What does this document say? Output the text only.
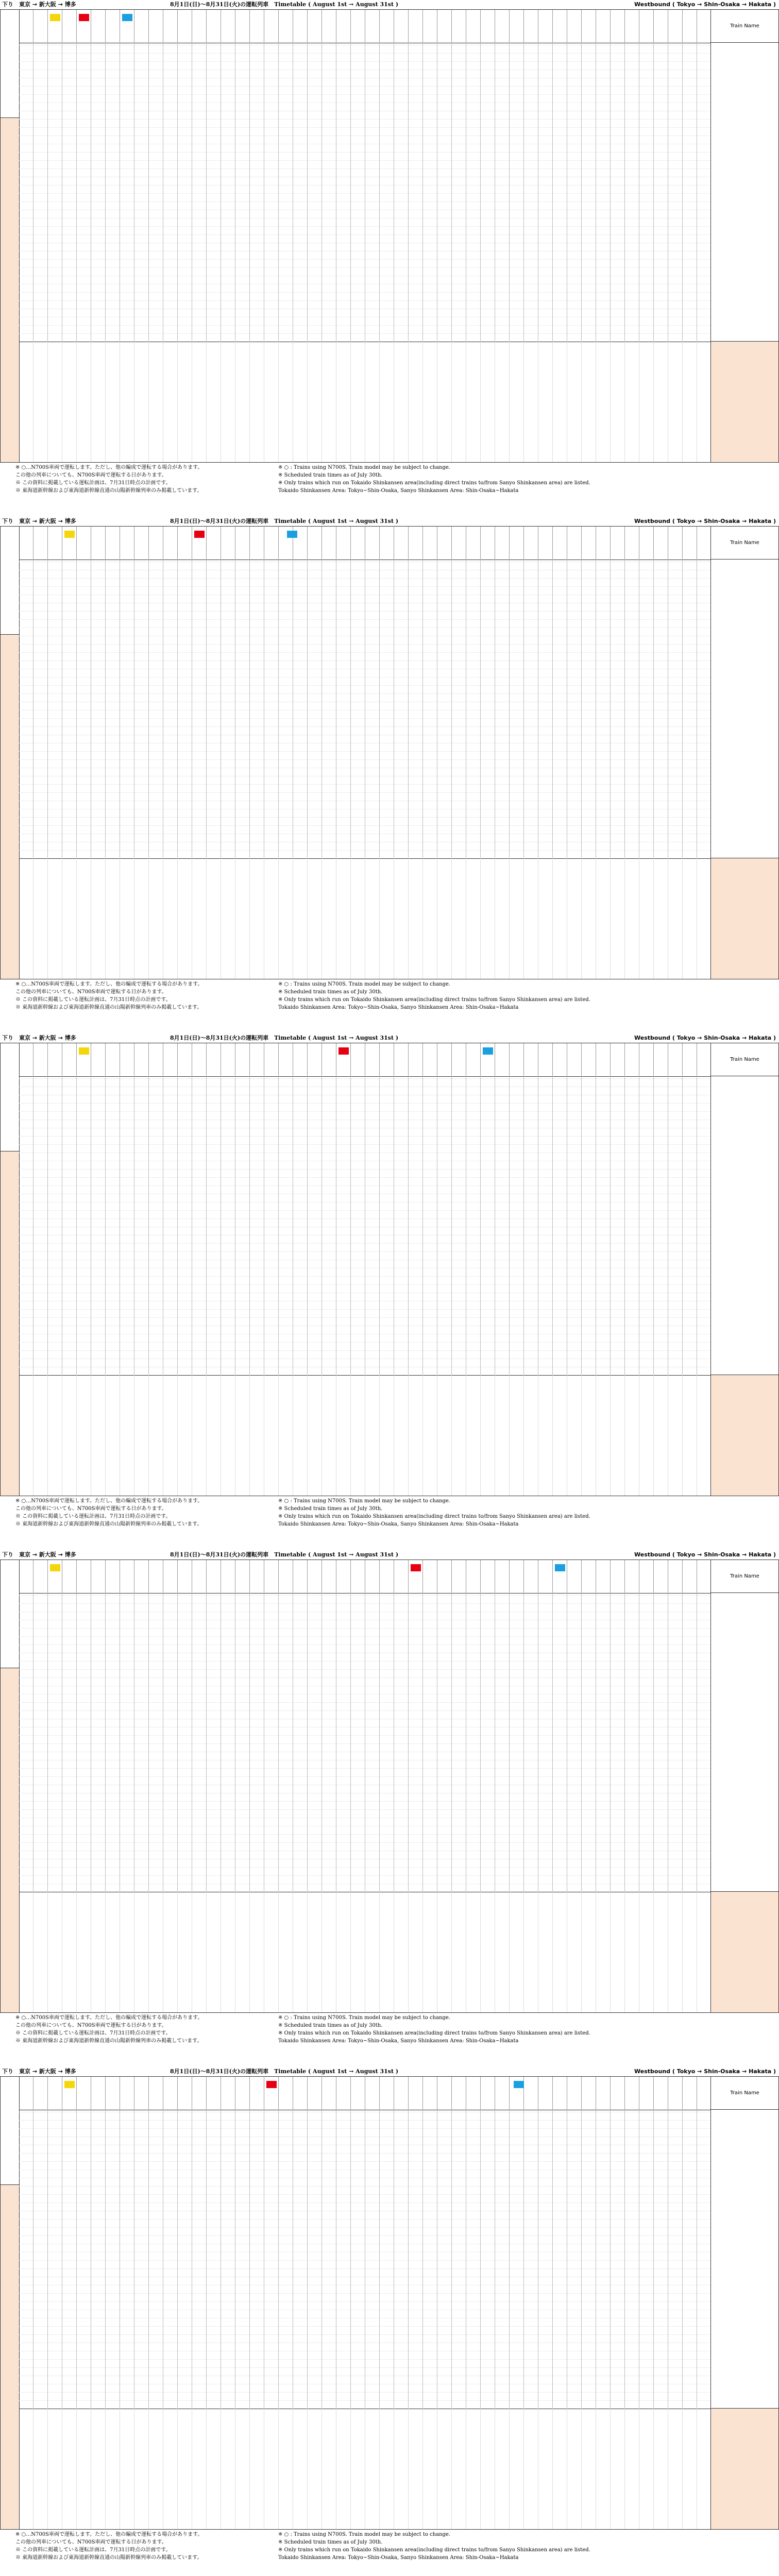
下り　東京 → 新大阪 → 博多	8月1日(日)～8月31日(火)の運転列車　Timetable ( August 1st → August 31st )	Westbound ( Tokyo → Shin-Osaka → Hakata )
Train Name

※ ○…N700S車両で運転します。ただし、他の編成で運転する場合があります。

この他の列車についても、N700S車両で運転する日があります。

※ この資料に掲載している運転計画は、7月31日時点の計画です。

※ 東海道新幹線および東海道新幹線直通の山陽新幹線列車のみ掲載しています。

※ ○ : Trains using N700S. Train model may be subject to change.

※ Scheduled train times as of July 30th.

※ Only trains which run on Tokaido Shinkansen area(including direct trains to/from Sanyo Shinkansen area) are listed.

Tokaido Shinkansen Area: Tokyo~Shin-Osaka, Sanyo Shinkansen Area: Shin-Osaka~Hakata

下り　東京 → 新大阪 → 博多	8月1日(日)～8月31日(火)の運転列車　Timetable ( August 1st → August 31st )	Westbound ( Tokyo → Shin-Osaka → Hakata )
Train Name

※ ○…N700S車両で運転します。ただし、他の編成で運転する場合があります。

この他の列車についても、N700S車両で運転する日があります。

※ この資料に掲載している運転計画は、7月31日時点の計画です。

※ 東海道新幹線および東海道新幹線直通の山陽新幹線列車のみ掲載しています。

※ ○ : Trains using N700S. Train model may be subject to change.

※ Scheduled train times as of July 30th.

※ Only trains which run on Tokaido Shinkansen area(including direct trains to/from Sanyo Shinkansen area) are listed.

Tokaido Shinkansen Area: Tokyo~Shin-Osaka, Sanyo Shinkansen Area: Shin-Osaka~Hakata

下り　東京 → 新大阪 → 博多	8月1日(日)～8月31日(火)の運転列車　Timetable ( August 1st → August 31st )	Westbound ( Tokyo → Shin-Osaka → Hakata )
Train Name

※ ○…N700S車両で運転します。ただし、他の編成で運転する場合があります。

この他の列車についても、N700S車両で運転する日があります。

※ この資料に掲載している運転計画は、7月31日時点の計画です。

※ 東海道新幹線および東海道新幹線直通の山陽新幹線列車のみ掲載しています。

※ ○ : Trains using N700S. Train model may be subject to change.

※ Scheduled train times as of July 30th.

※ Only trains which run on Tokaido Shinkansen area(including direct trains to/from Sanyo Shinkansen area) are listed.

Tokaido Shinkansen Area: Tokyo~Shin-Osaka, Sanyo Shinkansen Area: Shin-Osaka~Hakata

下り　東京 → 新大阪 → 博多	8月1日(日)～8月31日(火)の運転列車　Timetable ( August 1st → August 31st )	Westbound ( Tokyo → Shin-Osaka → Hakata )
Train Name

※ ○…N700S車両で運転します。ただし、他の編成で運転する場合があります。

この他の列車についても、N700S車両で運転する日があります。

※ この資料に掲載している運転計画は、7月31日時点の計画です。

※ 東海道新幹線および東海道新幹線直通の山陽新幹線列車のみ掲載しています。

※ ○ : Trains using N700S. Train model may be subject to change.

※ Scheduled train times as of July 30th.

※ Only trains which run on Tokaido Shinkansen area(including direct trains to/from Sanyo Shinkansen area) are listed.

Tokaido Shinkansen Area: Tokyo~Shin-Osaka, Sanyo Shinkansen Area: Shin-Osaka~Hakata

下り　東京 → 新大阪 → 博多	8月1日(日)～8月31日(火)の運転列車　Timetable ( August 1st → August 31st )	Westbound ( Tokyo → Shin-Osaka → Hakata )
Train Name

※ ○…N700S車両で運転します。ただし、他の編成で運転する場合があります。

この他の列車についても、N700S車両で運転する日があります。

※ この資料に掲載している運転計画は、7月31日時点の計画です。

※ 東海道新幹線および東海道新幹線直通の山陽新幹線列車のみ掲載しています。

※ ○ : Trains using N700S. Train model may be subject to change.

※ Scheduled train times as of July 30th.

※ Only trains which run on Tokaido Shinkansen area(including direct trains to/from Sanyo Shinkansen area) are listed.

Tokaido Shinkansen Area: Tokyo~Shin-Osaka, Sanyo Shinkansen Area: Shin-Osaka~Hakata
